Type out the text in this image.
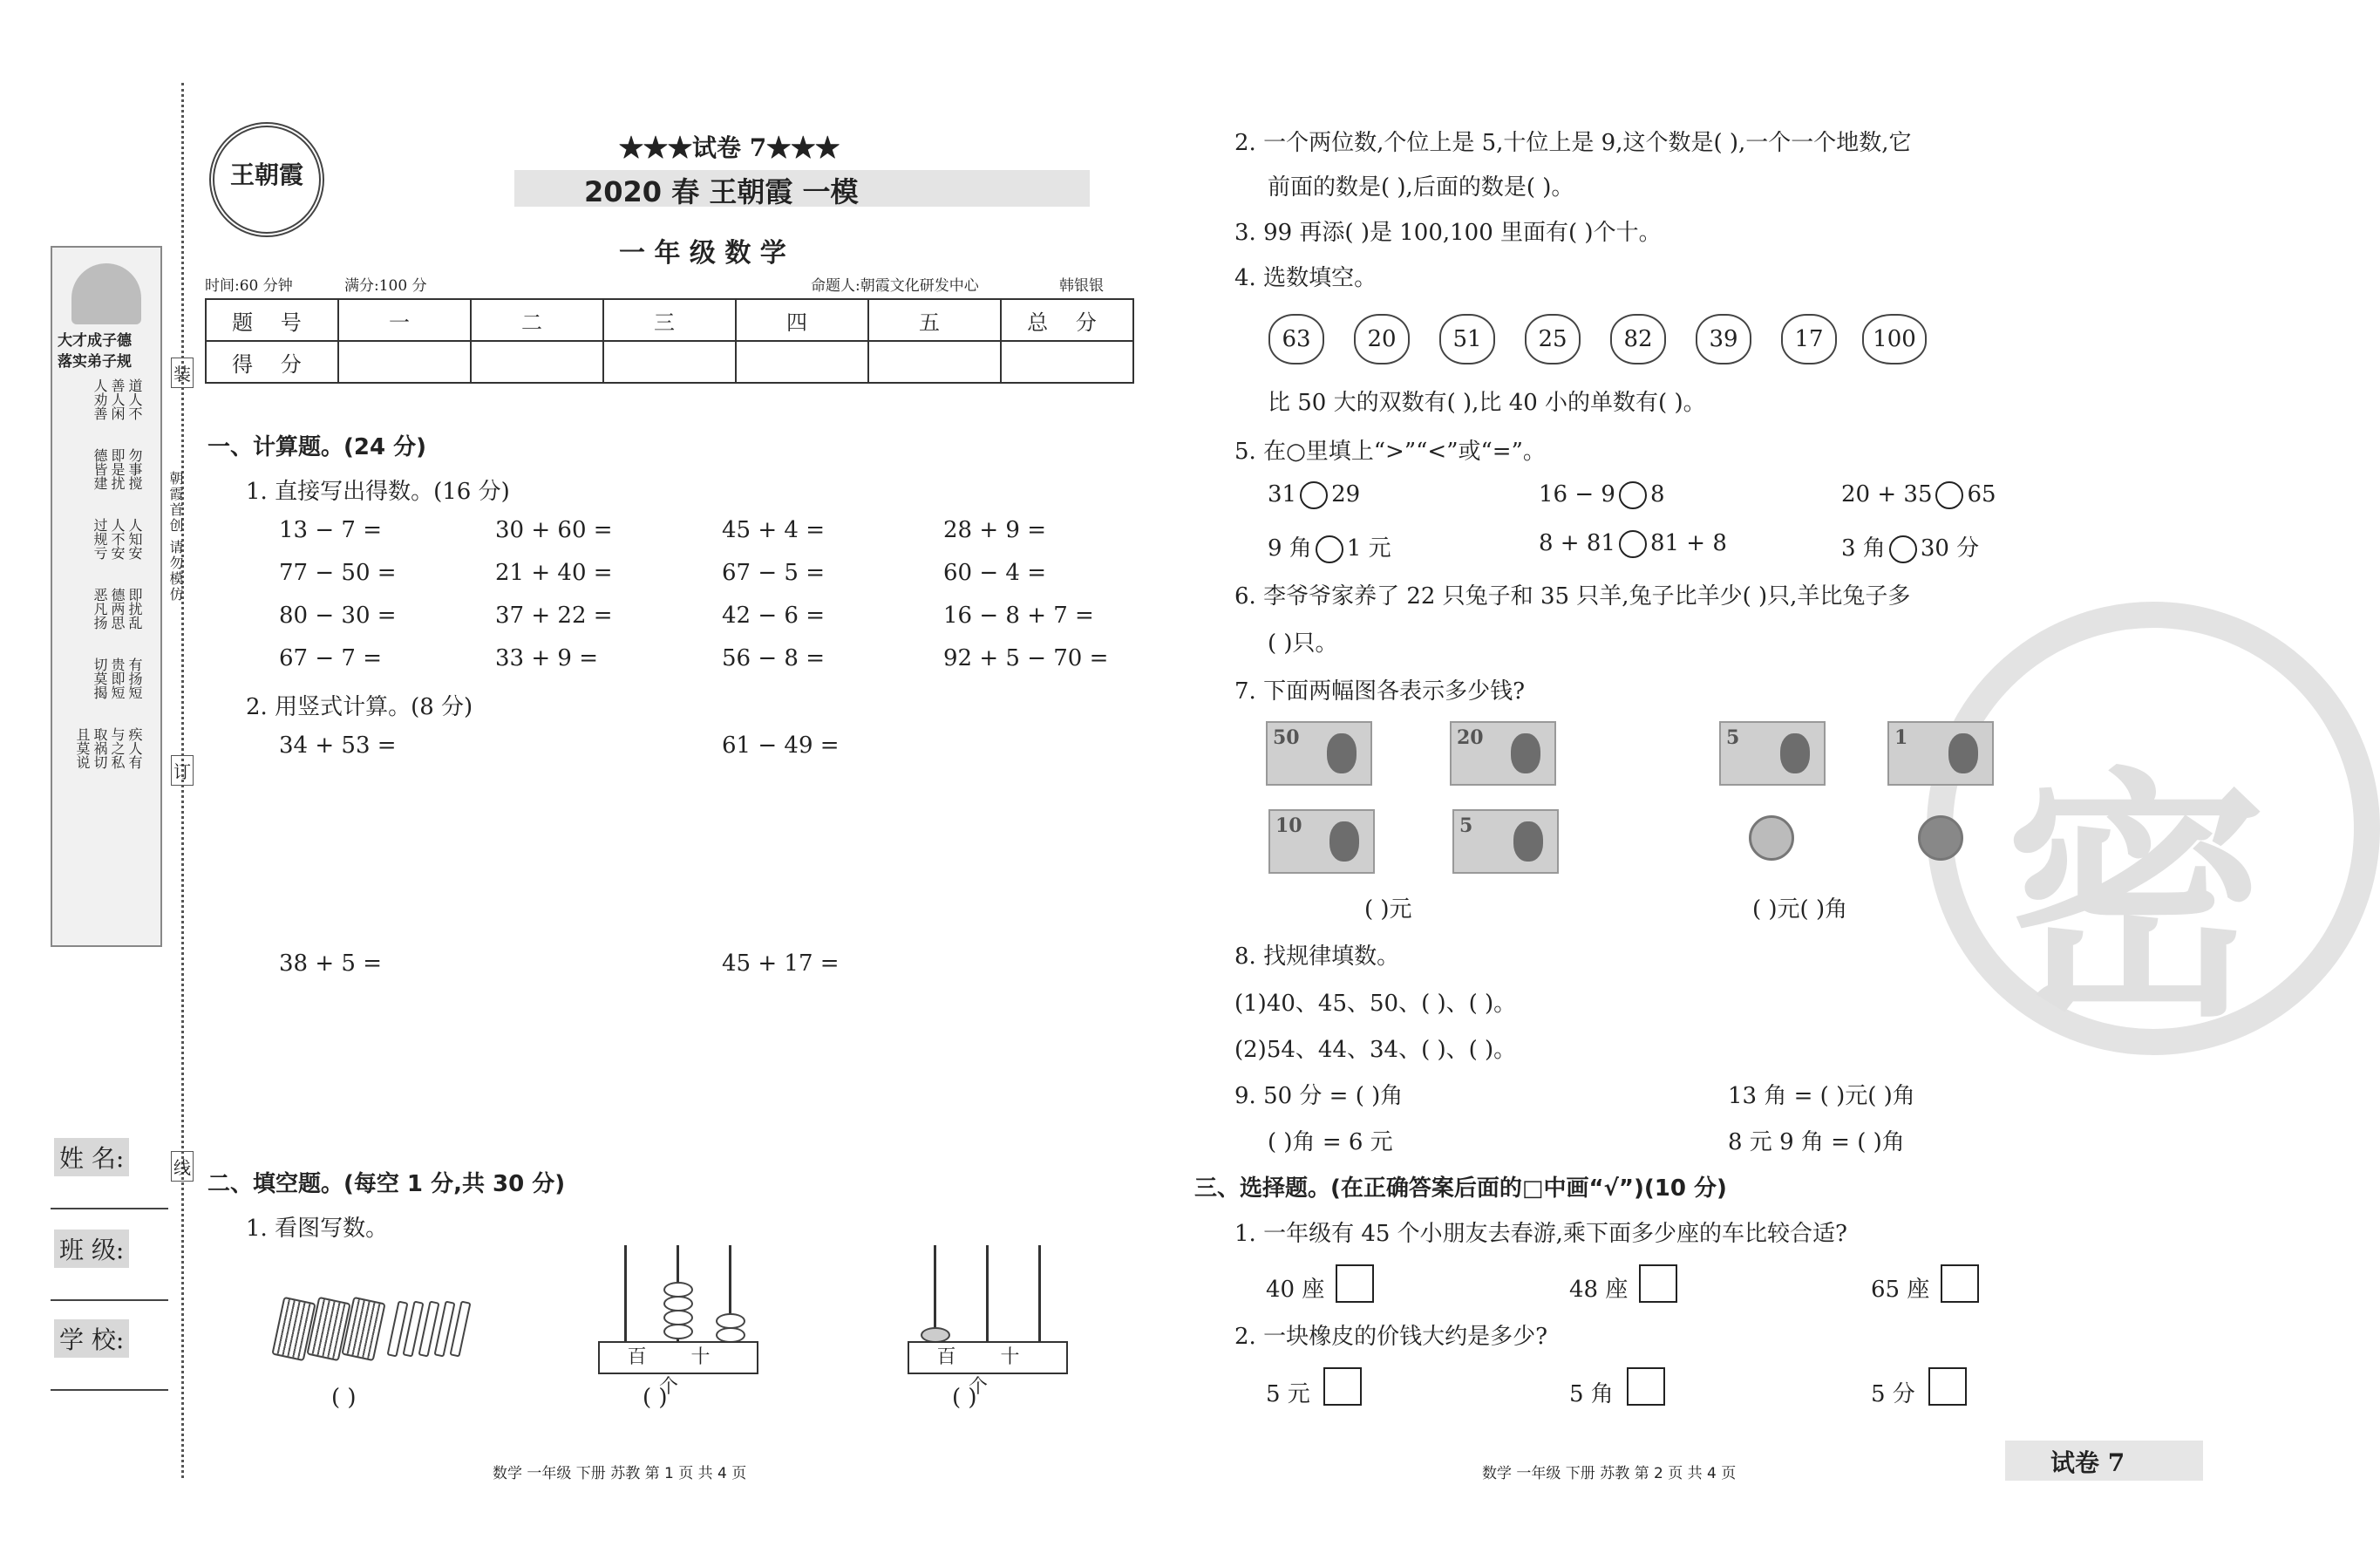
大才成子德
落实弟子规
道人不
善人闲
人劝善
勿事搅
即是扰
德皆建
人知安
人不安
过规亏
即扰乱
德两思
恶凡扬
有扬短
贵即短
切莫揭
疾人有
与之私
取祸切
且莫说
朝霞首创 请勿模仿
装
订
线
姓 名:
班 级:
学 校:
王朝霞
★★★试卷 7★★★
2020 春 王朝霞 一模
一 年 级 数 学
时间:60 分钟	满分:100 分	命题人:朝霞文化研发中心	韩银银
题 号	一	二	三	四	五	总 分
得 分						
一、计算题。(24 分)
1. 直接写出得数。(16 分)
13 − 7 =	30 + 60 =	45 + 4 =	28 + 9 =
77 − 50 =	21 + 40 =	67 − 5 =	60 − 4 =
80 − 30 =	37 + 22 =	42 − 6 =	16 − 8 + 7 =
67 − 7 =	33 + 9 =	56 − 8 =	92 + 5 − 70 =
2. 用竖式计算。(8 分)
34 + 53 =	61 − 49 =
38 + 5 =	45 + 17 =
二、填空题。(每空 1 分,共 30 分)
1. 看图写数。
百 十 个
百 十 个
( )	( )	( )
数学 一年级 下册 苏教 第 1 页 共 4 页
密
2. 一个两位数,个位上是 5,十位上是 9,这个数是( ),一个一个地数,它
前面的数是( ),后面的数是( )。
3. 99 再添( )是 100,100 里面有( )个十。
4. 选数填空。
63	20	51	25	82	39	17	100
比 50 大的双数有( ),比 40 小的单数有( )。
5. 在○里填上“>”“<”或“=”。
31 29	16 − 9 8	20 + 35 65
9 角 1 元	8 + 81 81 + 8	3 角 30 分
6. 李爷爷家养了 22 只兔子和 35 只羊,兔子比羊少( )只,羊比兔子多
( )只。
7. 下面两幅图各表示多少钱?
50	20
10	5
5	1
( )元	( )元( )角
8. 找规律填数。
(1)40、45、50、( )、( )。
(2)54、44、34、( )、( )。
9. 50 分 = ( )角	13 角 = ( )元( )角
( )角 = 6 元	8 元 9 角 = ( )角
三、选择题。(在正确答案后面的□中画“√”)(10 分)
1. 一年级有 45 个小朋友去春游,乘下面多少座的车比较合适?
40 座	48 座	65 座
2. 一块橡皮的价钱大约是多少?
5 元	5 角	5 分
数学 一年级 下册 苏教 第 2 页 共 4 页	试卷 7
